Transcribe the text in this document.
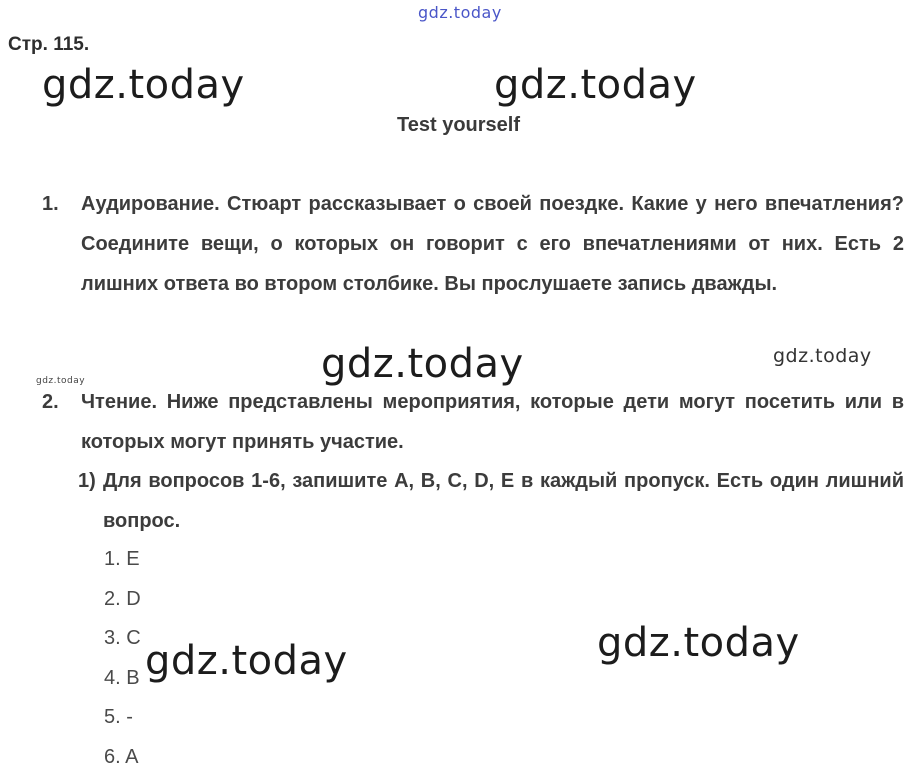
gdz.today
Стр. 115.
Test yourself
1. Аудирование. Стюарт рассказывает о своей поездке. Какие у него впечатления? Соедините вещи, о которых он говорит с его впечатлениями от них. Есть 2 лишних ответа во втором столбике. Вы прослушаете запись дважды.
2. Чтение. Ниже представлены мероприятия, которые дети могут посетить или в которых могут принять участие.
1) Для вопросов 1-6, запишите A, B, C, D, E в каждый пропуск. Есть один лишний вопрос.
1. E
2. D
3. C
4. B
5. -
6. A
gdz.today	gdz.today
gdz.today	gdz.today
gdz.today
gdz.today
gdz.today
